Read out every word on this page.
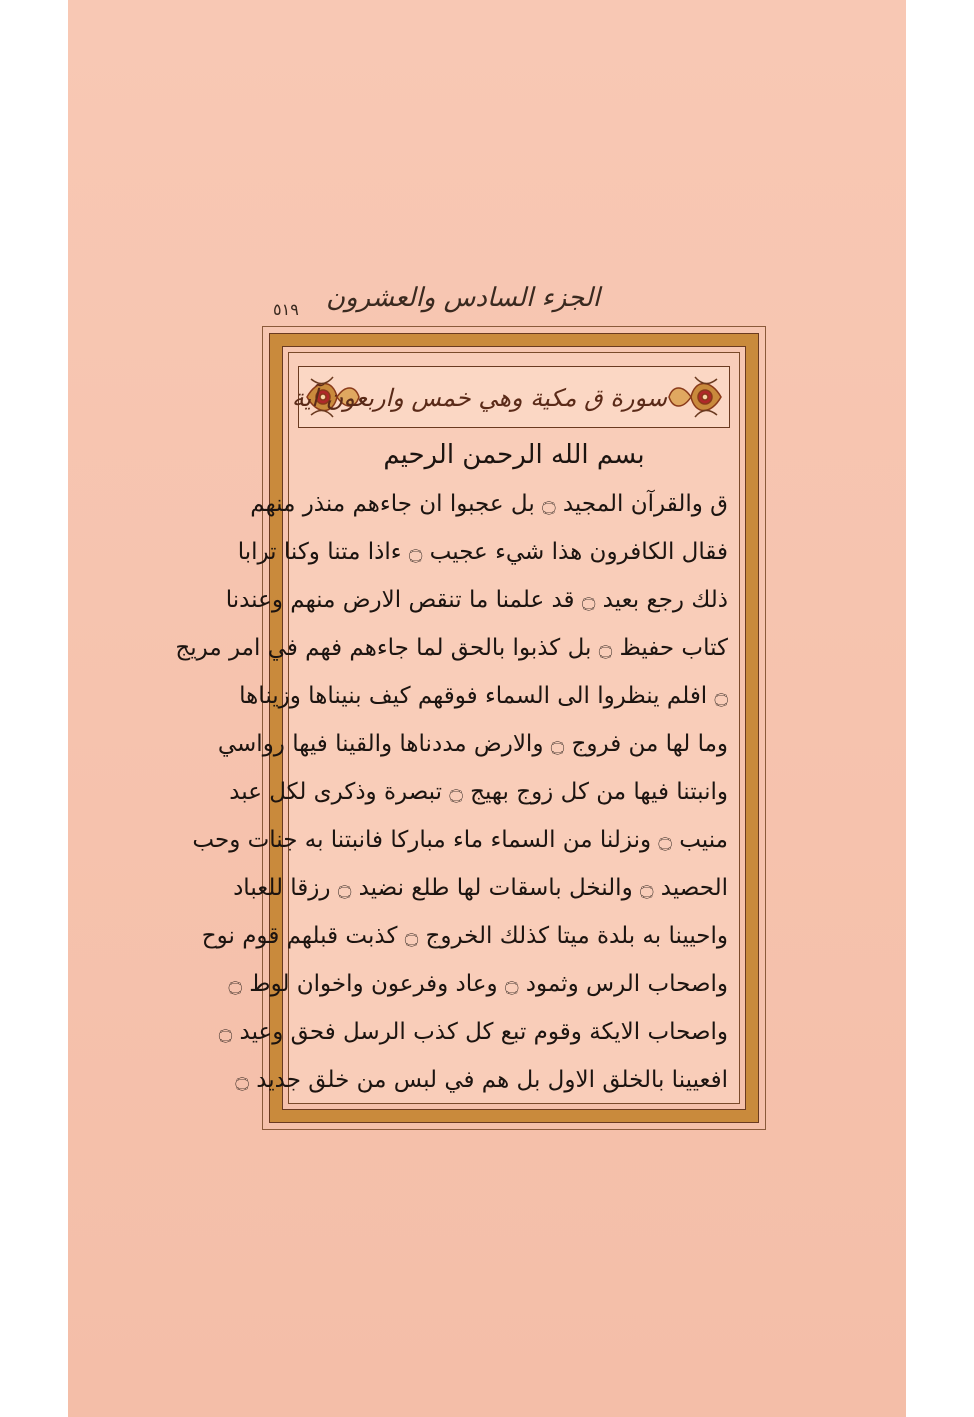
الجزء السادس والعشرون
٥١٩
سورة ق مكية وهي خمس واربعون آية
بسم الله الرحمن الرحيم
ق والقرآن المجيد ۝ بل عجبوا ان جاءهم منذر منهم
فقال الكافرون هذا شيء عجيب ۝ ءاذا متنا وكنا ترابا
ذلك رجع بعيد ۝ قد علمنا ما تنقص الارض منهم وعندنا
كتاب حفيظ ۝ بل كذبوا بالحق لما جاءهم فهم في امر مريج
۝ افلم ينظروا الى السماء فوقهم كيف بنيناها وزيناها
وما لها من فروج ۝ والارض مددناها والقينا فيها رواسي
وانبتنا فيها من كل زوج بهيج ۝ تبصرة وذكرى لكل عبد
منيب ۝ ونزلنا من السماء ماء مباركا فانبتنا به جنات وحب
الحصيد ۝ والنخل باسقات لها طلع نضيد ۝ رزقا للعباد
واحيينا به بلدة ميتا كذلك الخروج ۝ كذبت قبلهم قوم نوح
واصحاب الرس وثمود ۝ وعاد وفرعون واخوان لوط ۝
واصحاب الايكة وقوم تبع كل كذب الرسل فحق وعيد ۝
افعيينا بالخلق الاول بل هم في لبس من خلق جديد ۝
